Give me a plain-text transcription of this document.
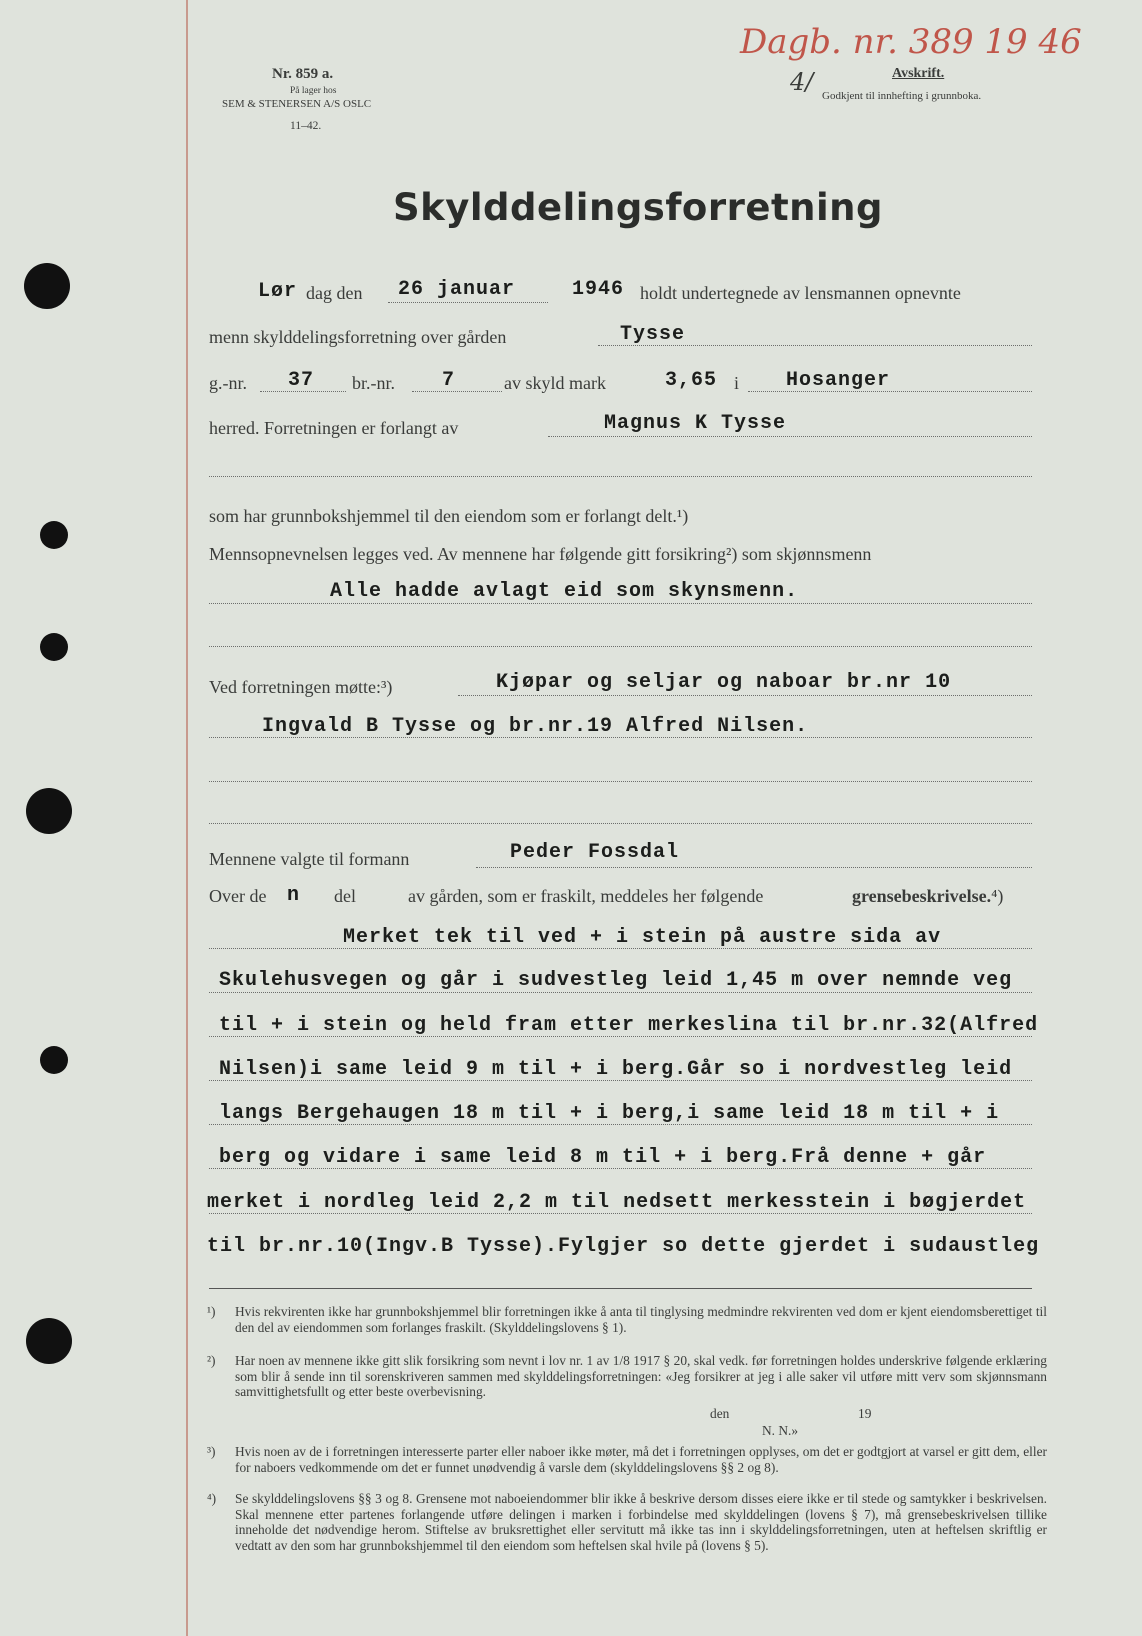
Nr. 859 a.
På lager hos
SEM & STENERSEN A/S OSLC
11–42.
Dagb. nr. 389 19 46
4/	Avskrift.
Godkjent til innhefting i grunnboka.
Skylddelingsforretning
Lør dag den 26 januar	1946 holdt undertegnede av lensmannen opnevnte
menn skylddelingsforretning over gården	Tysse
g.-nr. 37 br.-nr. 7	av skyld mark	3,65 i Hosanger
herred. Forretningen er forlangt av	Magnus K Tysse
som har grunnbokshjemmel til den eiendom som er forlangt delt.¹)
Mennsopnevnelsen legges ved. Av mennene har følgende gitt forsikring²) som skjønnsmenn
Alle hadde avlagt eid som skynsmenn.
Ved forretningen møtte:³)	Kjøpar og seljar og naboar br.nr 10
Ingvald B Tysse og br.nr.19 Alfred Nilsen.
Mennene valgte til formann	Peder Fossdal
Over de n del	av gården, som er fraskilt, meddeles her følgende	grensebeskrivelse.⁴)
Merket tek til ved + i stein på austre sida av
Skulehusvegen og går i sudvestleg leid 1,45 m over nemnde veg
til + i stein og held fram etter merkeslina til br.nr.32(Alfred
Nilsen)i same leid 9 m til + i berg.Går so i nordvestleg leid
langs Bergehaugen 18 m til + i berg,i same leid 18 m til + i
berg og vidare i same leid 8 m til + i berg.Frå denne + går
merket i nordleg leid 2,2 m til nedsett merkesstein i bøgjerdet
til br.nr.10(Ingv.B Tysse).Fylgjer so dette gjerdet i sudaustleg
¹) Hvis rekvirenten ikke har grunnbokshjemmel blir forretningen ikke å anta til tinglysing medmindre rekvirenten ved dom er kjent eiendomsberettiget til den del av eiendommen som forlanges fraskilt. (Skylddelingslovens § 1).
²) Har noen av mennene ikke gitt slik forsikring som nevnt i lov nr. 1 av 1/8 1917 § 20, skal vedk. før forretningen holdes underskrive følgende erklæring som blir å sende inn til sorenskriveren sammen med skylddelingsforretningen: «Jeg forsikrer at jeg i alle saker vil utføre mitt verv som skjønnsmann samvittighetsfullt og etter beste overbevisning.
den	19
N. N.»
³) Hvis noen av de i forretningen interesserte parter eller naboer ikke møter, må det i forretningen opplyses, om det er godtgjort at varsel er gitt dem, eller for naboers vedkommende om det er funnet unødvendig å varsle dem (skylddelingslovens §§ 2 og 8).
⁴) Se skylddelingslovens §§ 3 og 8. Grensene mot naboeiendommer blir ikke å beskrive dersom disses eiere ikke er til stede og samtykker i beskrivelsen. Skal mennene etter partenes forlangende utføre delingen i marken i forbindelse med skylddelingen (lovens § 7), må grensebeskrivelsen tillike inneholde det nødvendige herom. Stiftelse av bruksrettighet eller servitutt må ikke tas inn i skylddelingsforretningen, uten at heftelsen skriftlig er vedtatt av den som har grunnbokshjemmel til den eiendom som heftelsen skal hvile på (lovens § 5).
